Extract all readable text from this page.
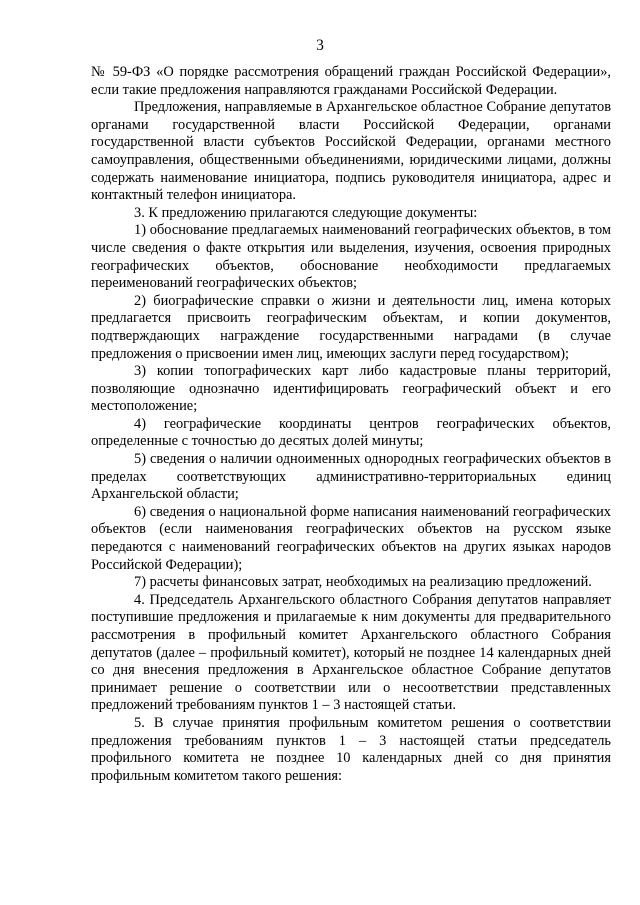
3

№ 59-ФЗ «О порядке рассмотрения обращений граждан Российской Федерации», если такие предложения направляются гражданами Российской Федерации.

Предложения, направляемые в Архангельское областное Собрание депутатов органами государственной власти Российской Федерации, органами государственной власти субъектов Российской Федерации, органами местного самоуправления, общественными объединениями, юридическими лицами, должны содержать наименование инициатора, подпись руководителя инициатора, адрес и контактный телефон инициатора.

3. К предложению прилагаются следующие документы:

1) обоснование предлагаемых наименований географических объектов, в том числе сведения о факте открытия или выделения, изучения, освоения природных географических объектов, обоснование необходимости предлагаемых переименований географических объектов;

2) биографические справки о жизни и деятельности лиц, имена которых предлагается присвоить географическим объектам, и копии документов, подтверждающих награждение государственными наградами (в случае предложения о присвоении имен лиц, имеющих заслуги перед государством);

3) копии топографических карт либо кадастровые планы территорий, позволяющие однозначно идентифицировать географический объект и его местоположение;

4) географические координаты центров географических объектов, определенные с точностью до десятых долей минуты;

5) сведения о наличии одноименных однородных географических объектов в пределах соответствующих административно-территориальных единиц Архангельской области;

6) сведения о национальной форме написания наименований географических объектов (если наименования географических объектов на русском языке передаются с наименований географических объектов на других языках народов Российской Федерации);

7) расчеты финансовых затрат, необходимых на реализацию предложений.

4. Председатель Архангельского областного Собрания депутатов направляет поступившие предложения и прилагаемые к ним документы для предварительного рассмотрения в профильный комитет Архангельского областного Собрания депутатов (далее – профильный комитет), который не позднее 14 календарных дней со дня внесения предложения в Архангельское областное Собрание депутатов принимает решение о соответствии или о несоответствии представленных предложений требованиям пунктов 1 – 3 настоящей статьи.

5. В случае принятия профильным комитетом решения о соответствии предложения требованиям пунктов 1 – 3 настоящей статьи председатель профильного комитета не позднее 10 календарных дней со дня принятия профильным комитетом такого решения:
